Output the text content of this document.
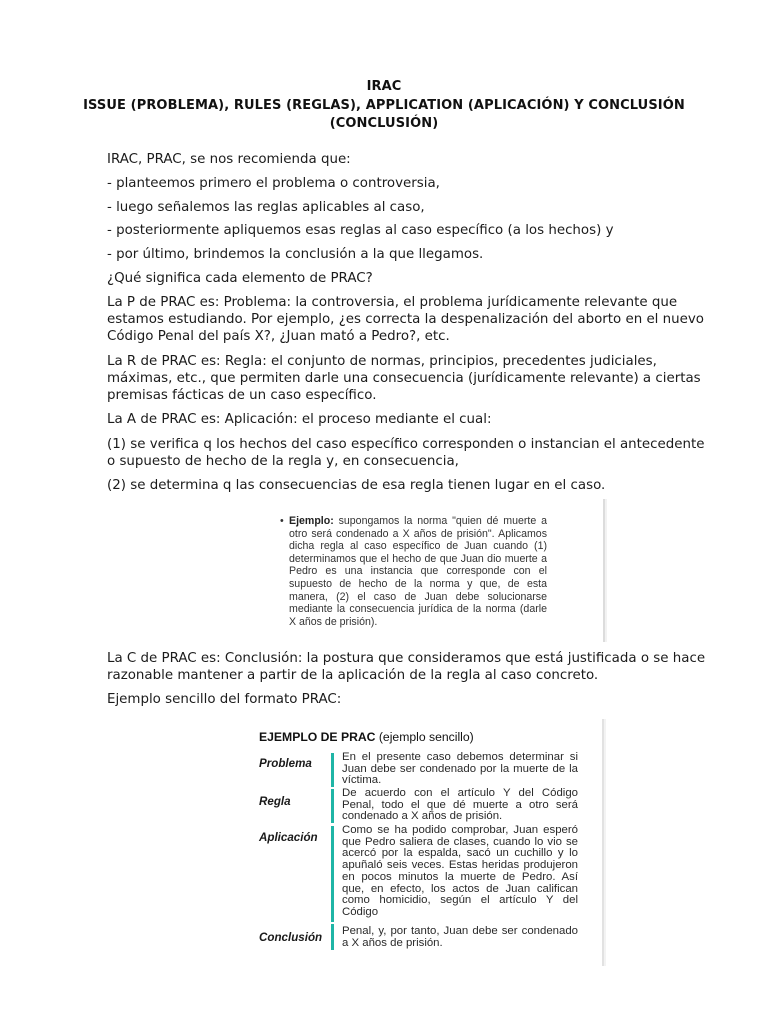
IRAC
ISSUE (PROBLEMA), RULES (REGLAS), APPLICATION (APLICACIÓN) Y CONCLUSIÓN
(CONCLUSIÓN)
IRAC, PRAC, se nos recomienda que:
- planteemos primero el problema o controversia,
- luego señalemos las reglas aplicables al caso,
- posteriormente apliquemos esas reglas al caso específico (a los hechos) y
- por último, brindemos la conclusión a la que llegamos.
¿Qué significa cada elemento de PRAC?
La P de PRAC es: Problema: la controversia, el problema jurídicamente relevante que estamos estudiando. Por ejemplo, ¿es correcta la despenalización del aborto en el nuevo Código Penal del país X?, ¿Juan mató a Pedro?, etc.
La R de PRAC es: Regla: el conjunto de normas, principios, precedentes judiciales, máximas, etc., que permiten darle una consecuencia (jurídicamente relevante) a ciertas premisas fácticas de un caso específico.
La A de PRAC es: Aplicación: el proceso mediante el cual:
(1) se verifica q los hechos del caso específico corresponden o instancian el antecedente o supuesto de hecho de la regla y, en consecuencia,
(2) se determina q las consecuencias de esa regla tienen lugar en el caso.
• Ejemplo: supongamos la norma "quien dé muerte a otro será condenado a X años de prisión". Aplicamos dicha regla al caso específico de Juan cuando (1) determinamos que el hecho de que Juan dio muerte a Pedro es una instancia que corresponde con el supuesto de hecho de la norma y que, de esta manera, (2) el caso de Juan debe solucionarse mediante la consecuencia jurídica de la norma (darle X años de prisión).
La C de PRAC es: Conclusión: la postura que consideramos que está justificada o se hace razonable mantener a partir de la aplicación de la regla al caso concreto.
Ejemplo sencillo del formato PRAC:
EJEMPLO DE PRAC (ejemplo sencillo)
Problema	En el presente caso debemos determinar si Juan debe ser condenado por la muerte de la víctima.
Regla
De acuerdo con el artículo Y del Código Penal, todo el que dé muerte a otro será condenado a X años de prisión.
Aplicación
Como se ha podido comprobar, Juan esperó que Pedro saliera de clases, cuando lo vio se acercó por la espalda, sacó un cuchillo y lo apuñaló seis veces. Estas heridas produjeron en pocos minutos la muerte de Pedro. Así que, en efecto, los actos de Juan califican como homicidio, según el artículo Y del Código
Conclusión	Penal, y, por tanto, Juan debe ser condenado a X años de prisión.
